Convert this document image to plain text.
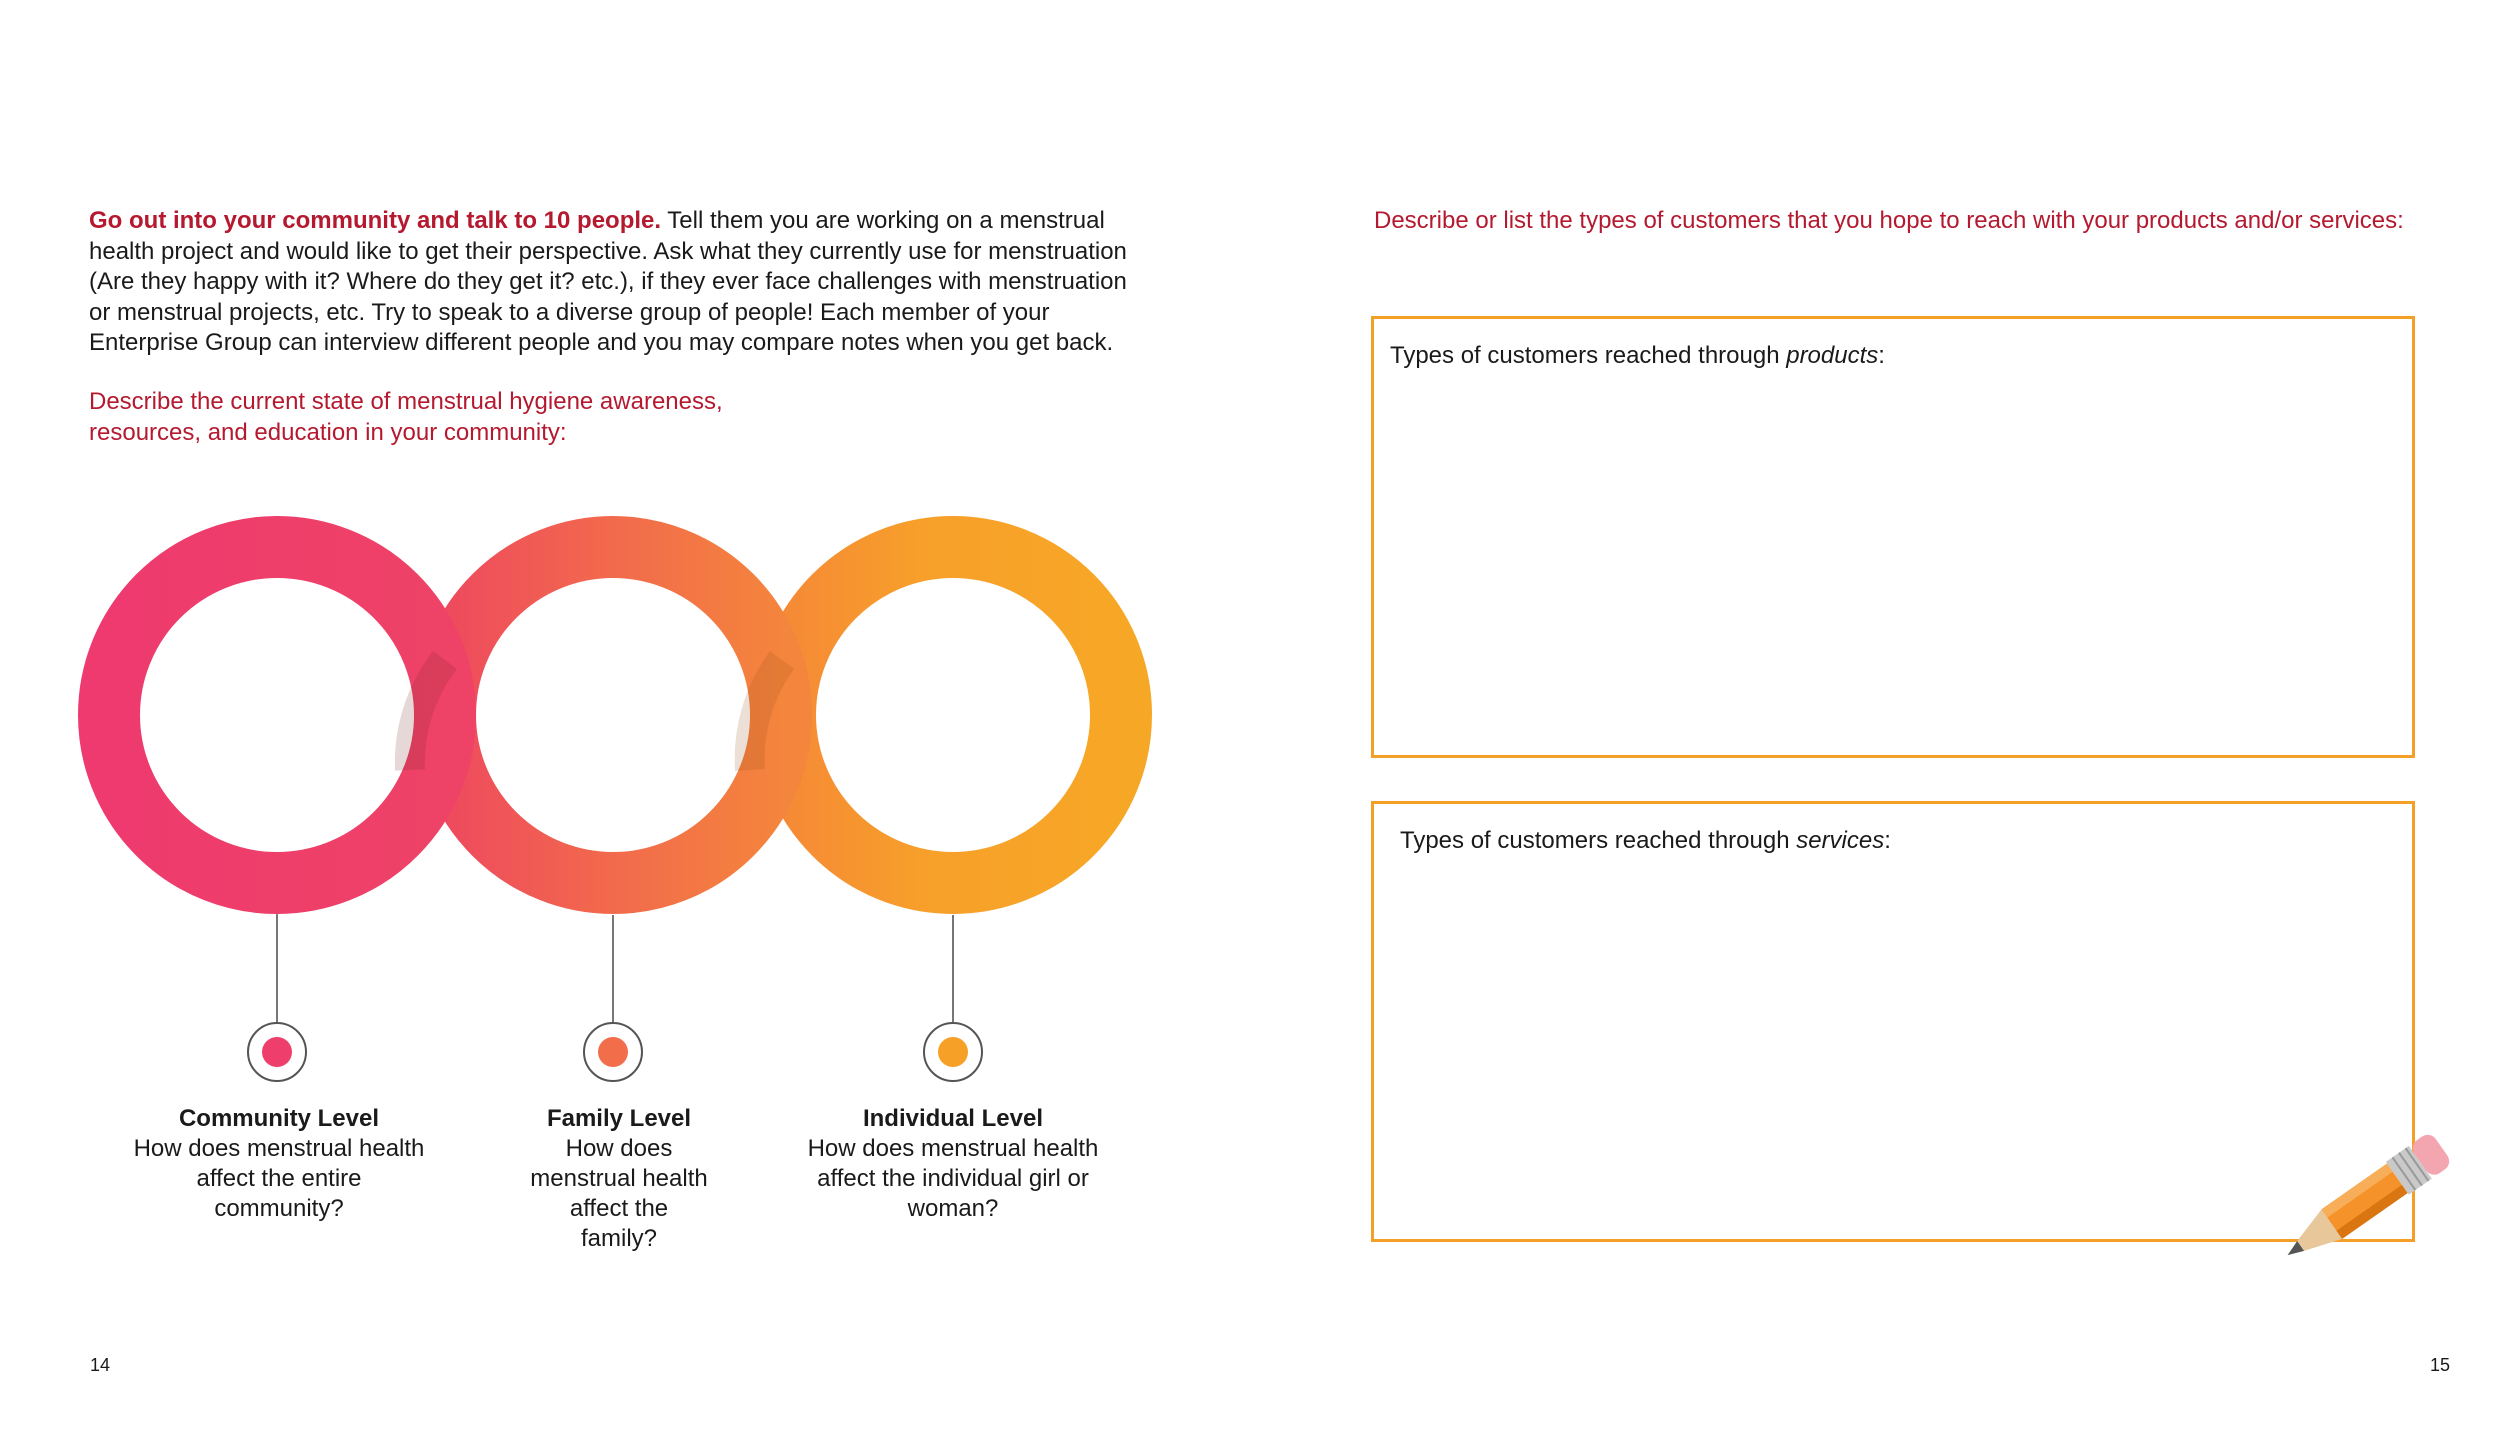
Go out into your community and talk to 10 people. Tell them you are working on a menstrual health project and would like to get their perspective. Ask what they currently use for menstruation (Are they happy with it? Where do they get it? etc.), if they ever face challenges with menstruation or menstrual projects, etc. Try to speak to a diverse group of people! Each member of your Enterprise Group can interview different people and you may compare notes when you get back.

Describe the current state of menstrual hygiene awareness, resources, and education in your community:

Community Level
How does menstrual health affect the entire community?
Family Level
How does menstrual health affect the family?
Individual Level
How does menstrual health affect the individual girl or woman?
14

Describe or list the types of customers that you hope to reach with your products and/or services:

Types of customers reached through products:
Types of customers reached through services:
15
